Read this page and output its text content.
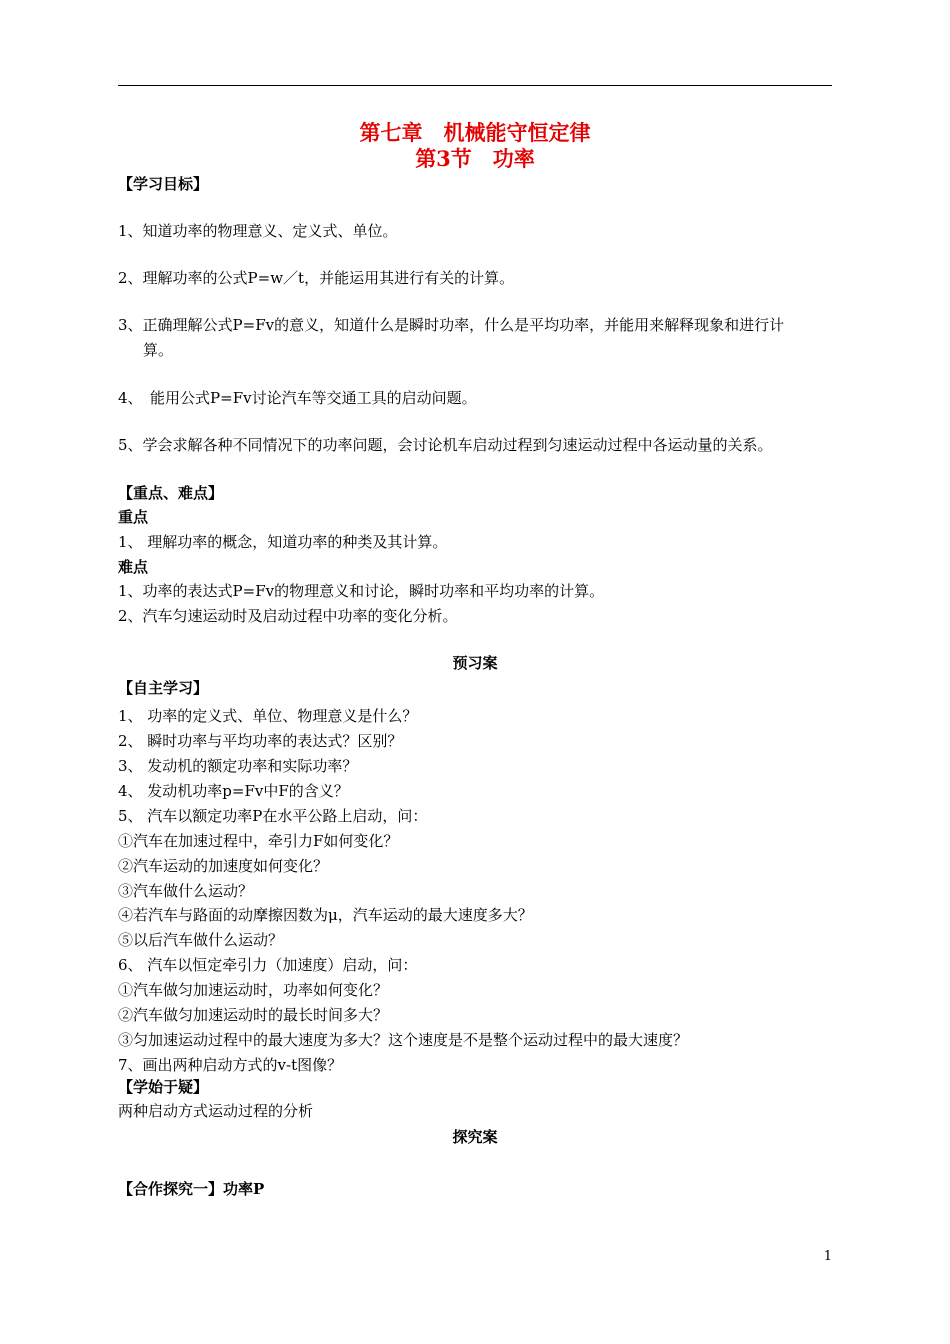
第七章　机械能守恒定律
第3节　功率
【学习目标】
1、知道功率的物理意义、定义式、单位。
2、理解功率的公式P=w／t，并能运用其进行有关的计算。
3、正确理解公式P=Fv的意义，知道什么是瞬时功率，什么是平均功率，并能用来解释现象和进行计
算。
4、　能用公式P=Fv讨论汽车等交通工具的启动问题。
5、学会求解各种不同情况下的功率问题，会讨论机车启动过程到匀速运动过程中各运动量的关系。
【重点、难点】
重点
1、 理解功率的概念，知道功率的种类及其计算。
难点
1、功率的表达式P=Fv的物理意义和讨论，瞬时功率和平均功率的计算。
2、汽车匀速运动时及启动过程中功率的变化分析。
预习案
【自主学习】
1、 功率的定义式、单位、物理意义是什么？
2、 瞬时功率与平均功率的表达式？区别？
3、 发动机的额定功率和实际功率？
4、 发动机功率p=Fv中F的含义？
5、 汽车以额定功率P在水平公路上启动，问：
①汽车在加速过程中，牵引力F如何变化？
②汽车运动的加速度如何变化？
③汽车做什么运动？
④若汽车与路面的动摩擦因数为μ，汽车运动的最大速度多大？
⑤以后汽车做什么运动？
6、 汽车以恒定牵引力（加速度）启动，问：
①汽车做匀加速运动时，功率如何变化？
②汽车做匀加速运动时的最长时间多大？
③匀加速运动过程中的最大速度为多大？这个速度是不是整个运动过程中的最大速度？
7、画出两种启动方式的v-t图像？
【学始于疑】
两种启动方式运动过程的分析
探究案
【合作探究一】功率P
1
